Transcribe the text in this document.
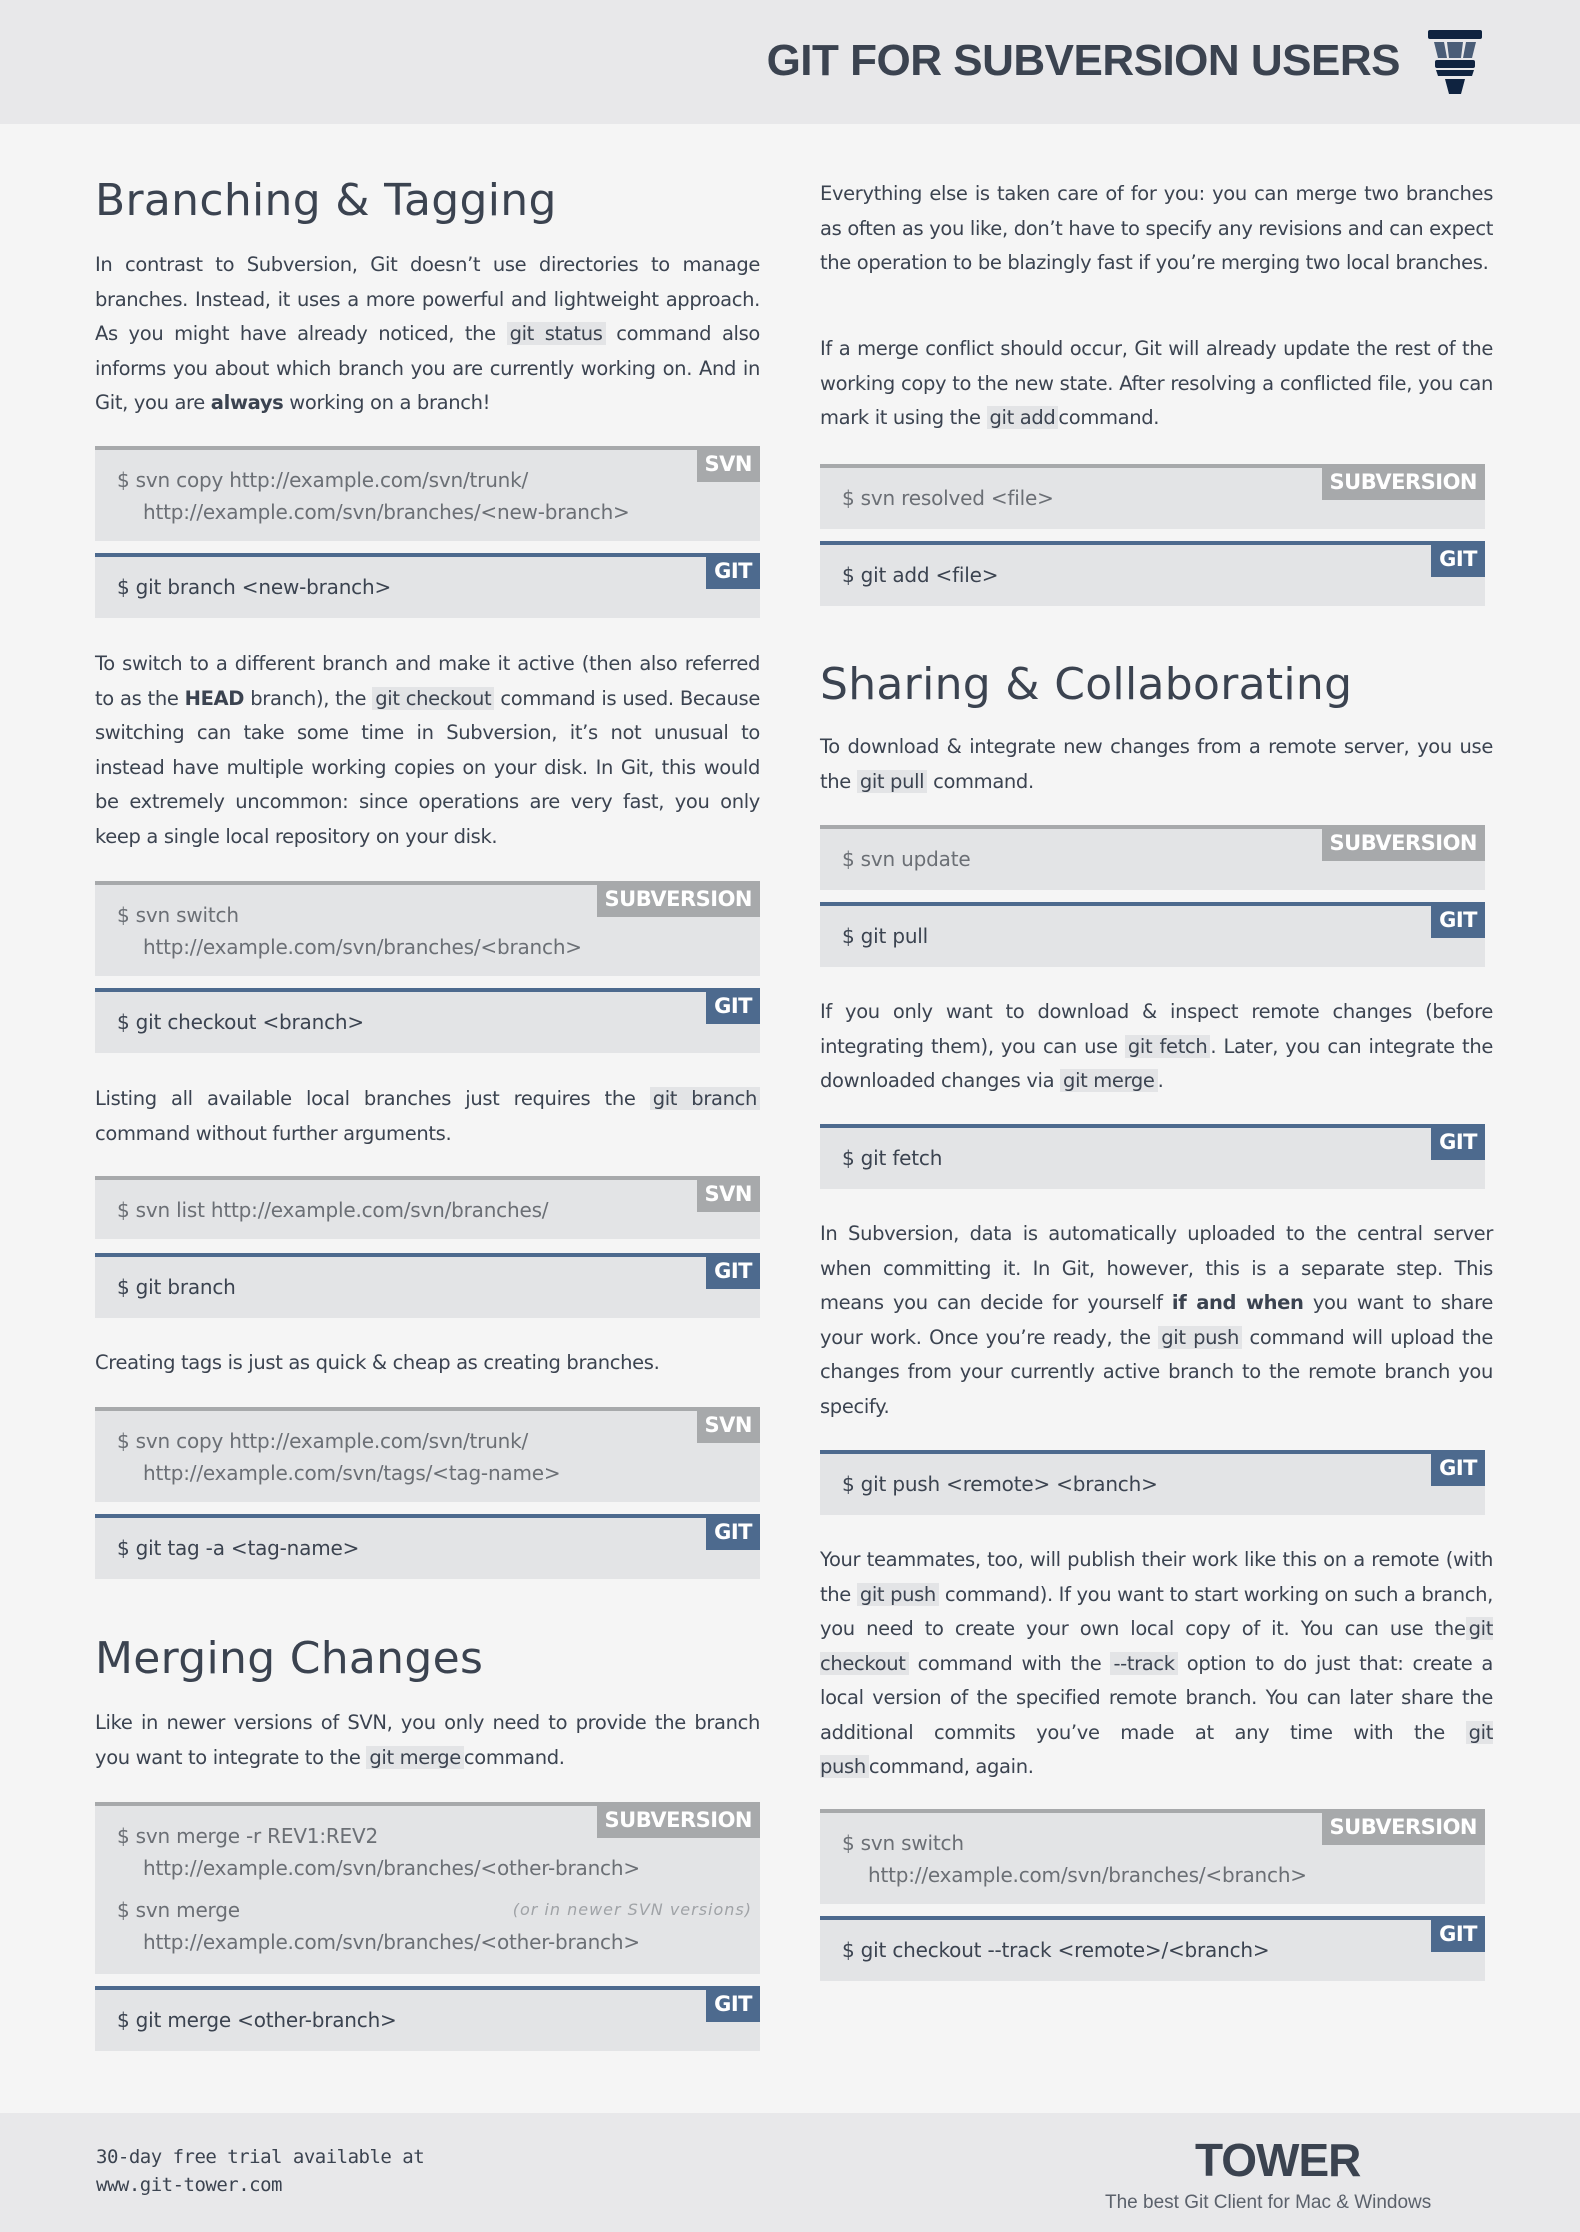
GIT FOR SUBVERSION USERS
Branching & Tagging

In contrast to Subversion, Git doesn’t use directories to manage branches. Instead, it uses a more powerful and lightweight approach. As you might have already noticed, the git status command also informs you about which branch you are currently working on. And in Git, you are always working on a branch!

SVN
$ svn copy http://example.com/svn/trunk/
http://example.com/svn/branches/<new-branch>
GIT
$ git branch <new-branch>

To switch to a different branch and make it active (then also referred to as the HEAD branch), the git checkout command is used. Because switching can take some time in Subversion, it’s not unusual to instead have multiple working copies on your disk. In Git, this would be extremely uncommon: since operations are very fast, you only keep a single local repository on your disk.

SUBVERSION
$ svn switch
http://example.com/svn/branches/<branch>
GIT
$ git checkout <branch>

Listing all available local branches just requires the git branch command without further arguments.

SVN
$ svn list http://example.com/svn/branches/
GIT
$ git branch

Creating tags is just as quick & cheap as creating branches.

SVN
$ svn copy http://example.com/svn/trunk/
http://example.com/svn/tags/<tag-name>
GIT
$ git tag -a <tag-name>
Merging Changes

Like in newer versions of SVN, you only need to provide the branch you want to integrate to the git merge command.

SUBVERSION
$ svn merge -r REV1:REV2
http://example.com/svn/branches/<other-branch>
$ svn merge	(or in newer SVN versions)
http://example.com/svn/branches/<other-branch>
GIT
$ git merge <other-branch>

Everything else is taken care of for you: you can merge two branches as often as you like, don’t have to specify any revisions and can expect the operation to be blazingly fast if you’re merging two local branches.

If a merge conflict should occur, Git will already update the rest of the working copy to the new state. After resolving a conflicted file, you can mark it using the git add command.

SUBVERSION
$ svn resolved <file>
GIT
$ git add <file>
Sharing & Collaborating

To download & integrate new changes from a remote server, you use the git pull command.

SUBVERSION
$ svn update
GIT
$ git pull

If you only want to download & inspect remote changes (before integrating them), you can use git fetch . Later, you can integrate the downloaded changes via git merge .

GIT
$ git fetch

In Subversion, data is automatically uploaded to the central server when committing it. In Git, however, this is a separate step. This means you can decide for yourself if and when you want to share your work. Once you’re ready, the git push command will upload the changes from your currently active branch to the remote branch you specify.

GIT
$ git push <remote> <branch>

Your teammates, too, will publish their work like this on a remote (with the git push command). If you want to start working on such a branch, you need to create your own local copy of it. You can use the git checkout command with the --track option to do just that: create a local version of the specified remote branch. You can later share the additional commits you’ve made at any time with the git push command, again.

SUBVERSION
$ svn switch
http://example.com/svn/branches/<branch>
GIT
$ git checkout --track <remote>/<branch>
30-day free trial available at
www.git-tower.com	TOWER
The best Git Client for Mac & Windows
